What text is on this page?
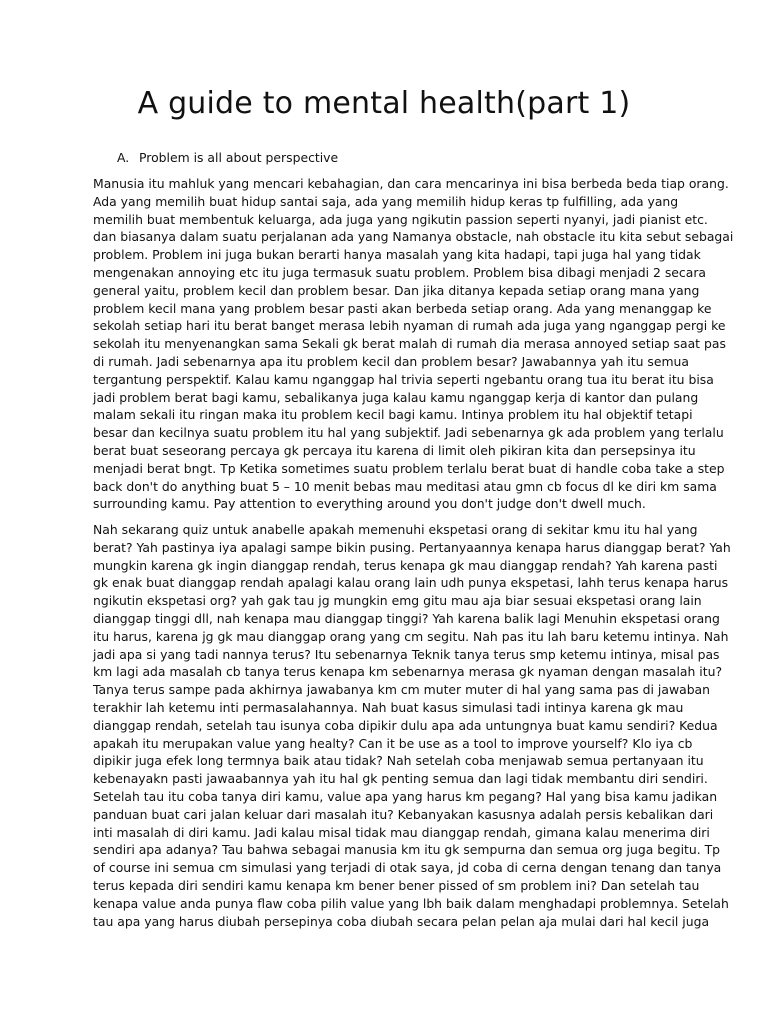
A guide to mental health(part 1)

A. Problem is all about perspective

Manusia itu mahluk yang mencari kebahagian, dan cara mencarinya ini bisa berbeda beda tiap orang.
Ada yang memilih buat hidup santai saja, ada yang memilih hidup keras tp fulfilling, ada yang
memilih buat membentuk keluarga, ada juga yang ngikutin passion seperti nyanyi, jadi pianist etc.
dan biasanya dalam suatu perjalanan ada yang Namanya obstacle, nah obstacle itu kita sebut sebagai
problem. Problem ini juga bukan berarti hanya masalah yang kita hadapi, tapi juga hal yang tidak
mengenakan annoying etc itu juga termasuk suatu problem. Problem bisa dibagi menjadi 2 secara
general yaitu, problem kecil dan problem besar. Dan jika ditanya kepada setiap orang mana yang
problem kecil mana yang problem besar pasti akan berbeda setiap orang. Ada yang menanggap ke
sekolah setiap hari itu berat banget merasa lebih nyaman di rumah ada juga yang nganggap pergi ke
sekolah itu menyenangkan sama Sekali gk berat malah di rumah dia merasa annoyed setiap saat pas
di rumah. Jadi sebenarnya apa itu problem kecil dan problem besar? Jawabannya yah itu semua
tergantung perspektif. Kalau kamu nganggap hal trivia seperti ngebantu orang tua itu berat itu bisa
jadi problem berat bagi kamu, sebalikanya juga kalau kamu nganggap kerja di kantor dan pulang
malam sekali itu ringan maka itu problem kecil bagi kamu. Intinya problem itu hal objektif tetapi
besar dan kecilnya suatu problem itu hal yang subjektif. Jadi sebenarnya gk ada problem yang terlalu
berat buat seseorang percaya gk percaya itu karena di limit oleh pikiran kita dan persepsinya itu
menjadi berat bngt. Tp Ketika sometimes suatu problem terlalu berat buat di handle coba take a step
back don't do anything buat 5 – 10 menit bebas mau meditasi atau gmn cb focus dl ke diri km sama
surrounding kamu. Pay attention to everything around you don't judge don't dwell much.
Nah sekarang quiz untuk anabelle apakah memenuhi ekspetasi orang di sekitar kmu itu hal yang
berat? Yah pastinya iya apalagi sampe bikin pusing. Pertanyaannya kenapa harus dianggap berat? Yah
mungkin karena gk ingin dianggap rendah, terus kenapa gk mau dianggap rendah? Yah karena pasti
gk enak buat dianggap rendah apalagi kalau orang lain udh punya ekspetasi, lahh terus kenapa harus
ngikutin ekspetasi org? yah gak tau jg mungkin emg gitu mau aja biar sesuai ekspetasi orang lain
dianggap tinggi dll, nah kenapa mau dianggap tinggi? Yah karena balik lagi Menuhin ekspetasi orang
itu harus, karena jg gk mau dianggap orang yang cm segitu. Nah pas itu lah baru ketemu intinya. Nah
jadi apa si yang tadi nannya terus? Itu sebenarnya Teknik tanya terus smp ketemu intinya, misal pas
km lagi ada masalah cb tanya terus kenapa km sebenarnya merasa gk nyaman dengan masalah itu?
Tanya terus sampe pada akhirnya jawabanya km cm muter muter di hal yang sama pas di jawaban
terakhir lah ketemu inti permasalahannya. Nah buat kasus simulasi tadi intinya karena gk mau
dianggap rendah, setelah tau isunya coba dipikir dulu apa ada untungnya buat kamu sendiri? Kedua
apakah itu merupakan value yang healty? Can it be use as a tool to improve yourself? Klo iya cb
dipikir juga efek long termnya baik atau tidak? Nah setelah coba menjawab semua pertanyaan itu
kebenayakn pasti jawaabannya yah itu hal gk penting semua dan lagi tidak membantu diri sendiri.
Setelah tau itu coba tanya diri kamu, value apa yang harus km pegang? Hal yang bisa kamu jadikan
panduan buat cari jalan keluar dari masalah itu? Kebanyakan kasusnya adalah persis kebalikan dari
inti masalah di diri kamu. Jadi kalau misal tidak mau dianggap rendah, gimana kalau menerima diri
sendiri apa adanya? Tau bahwa sebagai manusia km itu gk sempurna dan semua org juga begitu. Tp
of course ini semua cm simulasi yang terjadi di otak saya, jd coba di cerna dengan tenang dan tanya
terus kepada diri sendiri kamu kenapa km bener bener pissed of sm problem ini? Dan setelah tau
kenapa value anda punya flaw coba pilih value yang lbh baik dalam menghadapi problemnya. Setelah
tau apa yang harus diubah persepinya coba diubah secara pelan pelan aja mulai dari hal kecil juga
